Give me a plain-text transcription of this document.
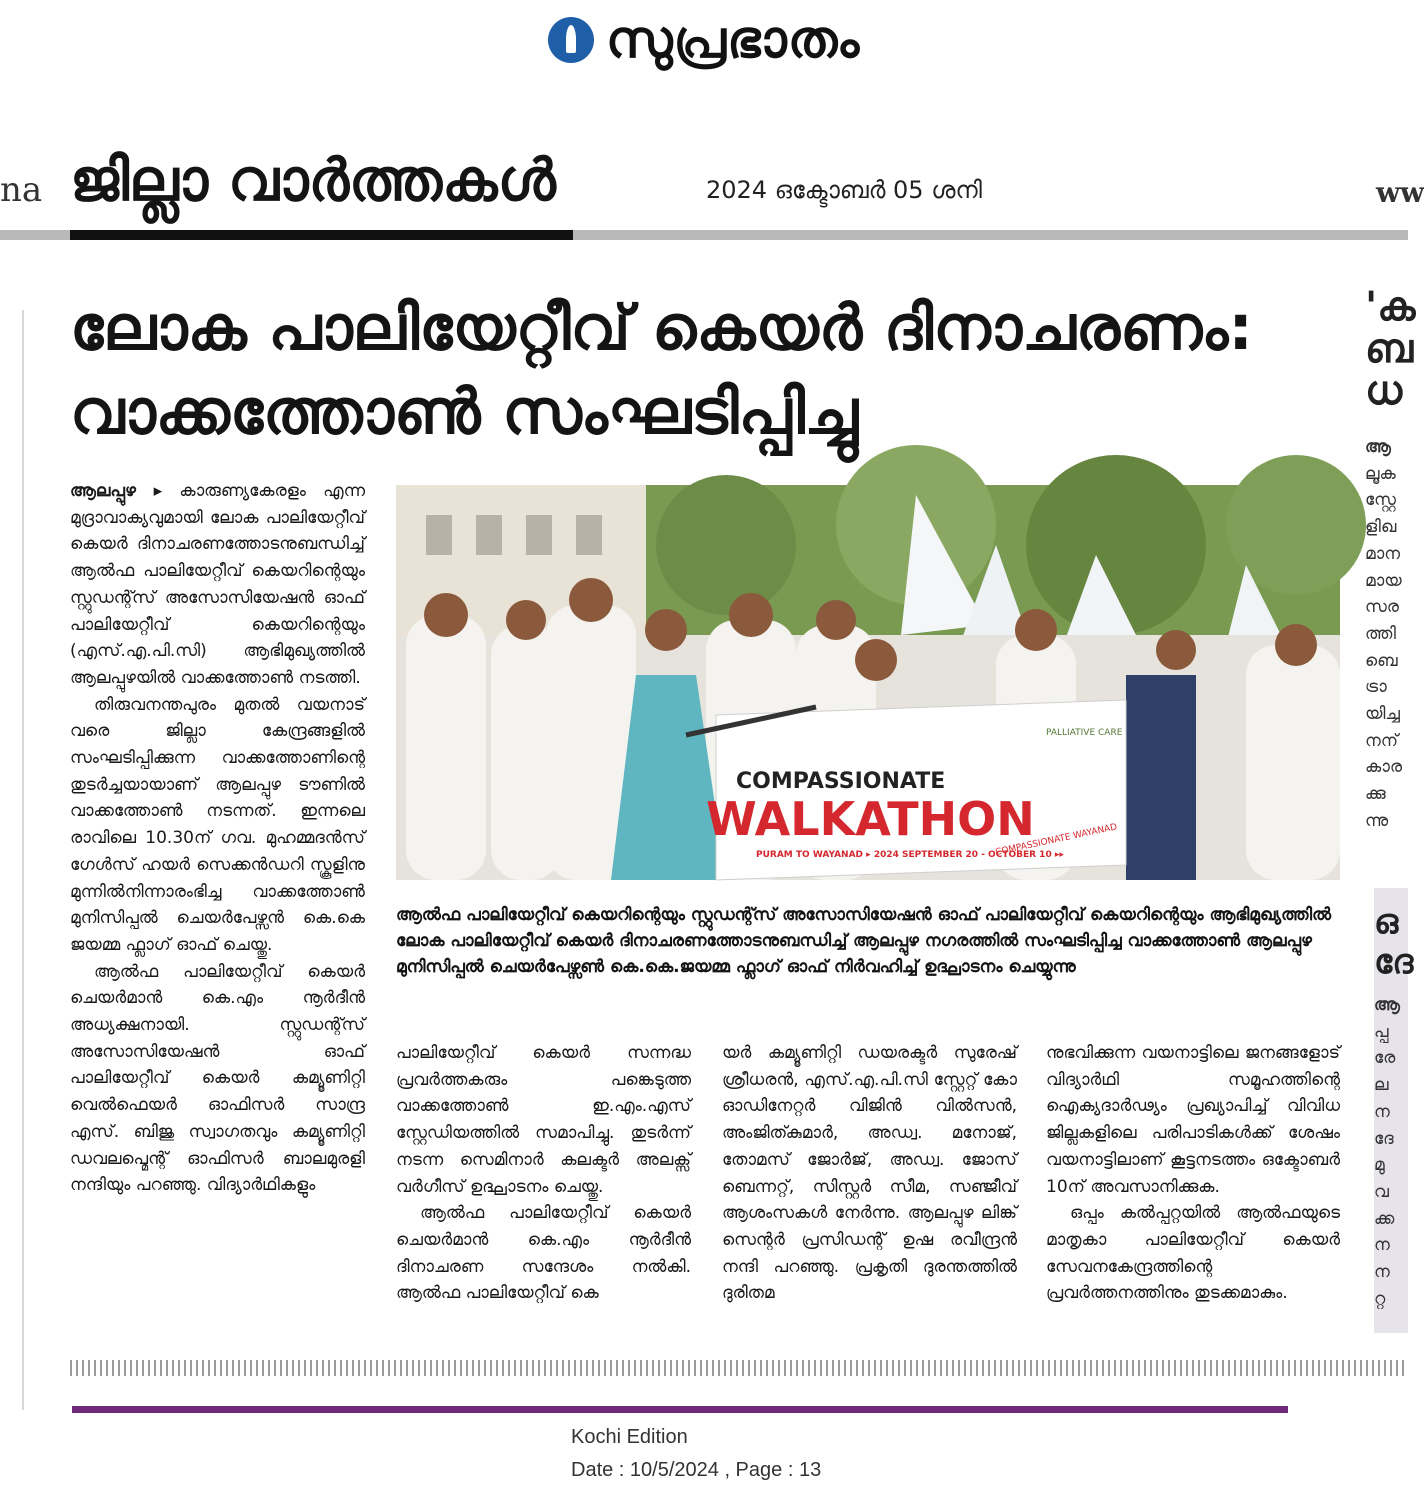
സുപ്രഭാതം
na ജില്ലാ വാർത്തകൾ	2024 ഒക്ടോബർ 05 ശനി	ww
ലോക പാലിയേറ്റീവ് കെയർ ദിനാചരണം: വാക്കത്തോൺ സംഘടിപ്പിച്ചു

ആലപ്പുഴ ▸ കാരുണ്യകേരളം എന്ന മുദ്രാവാക്യവുമായി ലോക പാലിയേറ്റീവ് കെയർ ദിനാചരണത്തോടനുബന്ധിച്ച് ആൽഫ പാലിയേറ്റീവ് കെയറിന്റെയും സ്റ്റുഡന്റ്സ് അസോസിയേഷൻ ഓഫ് പാലിയേറ്റീവ് കെയറിന്റെയും (എസ്.എ.പി.സി) ആഭിമുഖ്യത്തിൽ ആലപ്പുഴയിൽ വാക്കത്തോൺ നടത്തി.

തിരുവനന്തപുരം മുതൽ വയനാട് വരെ ജില്ലാ കേന്ദ്രങ്ങളിൽ സംഘടിപ്പിക്കുന്ന വാക്കത്തോണിന്റെ തുടർച്ചയായാണ് ആലപ്പുഴ ടൗണിൽ വാക്കത്തോൺ നടന്നത്. ഇന്നലെ രാവിലെ 10.30ന് ഗവ. മുഹമ്മദൻസ് ഗേൾസ് ഹയർ സെക്കൻഡറി സ്കൂളിനു മുന്നിൽനിന്നാരംഭിച്ച വാക്കത്തോൺ മുനിസിപ്പൽ ചെയർപേഴ്സൻ കെ.കെ ജയമ്മ ഫ്ലാഗ് ഓഫ് ചെയ്തു.

ആൽഫ പാലിയേറ്റീവ് കെയർ ചെയർമാൻ കെ.എം നൂർദീൻ അധ്യക്ഷനായി. സ്റ്റുഡന്റ്സ് അസോസിയേഷൻ ഓഫ് പാലിയേറ്റീവ് കെയർ കമ്യൂണിറ്റി വെൽഫെയർ ഓഫിസർ സാന്ദ്ര എസ്. ബിജു സ്വാഗതവും കമ്യൂണിറ്റി ഡവലപ്മെന്റ് ഓഫിസർ ബാലമുരളി നന്ദിയും പറഞ്ഞു. വിദ്യാർഥികളും

COMPASSIONATE
WALKATHON
PURAM TO WAYANAD ▸ 2024 SEPTEMBER 20 - OCTOBER 10 ▸▸
PALLIATIVE CARE
COMPASSIONATE WAYANAD
ആൽഫ പാലിയേറ്റീവ് കെയറിന്റെയും സ്റ്റുഡന്റ്സ് അസോസിയേഷൻ ഓഫ് പാലിയേറ്റീവ് കെയറിന്റെയും ആഭിമുഖ്യത്തിൽ ലോക പാലിയേറ്റീവ് കെയർ ദിനാചരണത്തോടനുബന്ധിച്ച് ആലപ്പുഴ നഗരത്തിൽ സംഘടിപ്പിച്ച വാക്കത്തോൺ ആലപ്പുഴ മുനിസിപ്പൽ ചെയർപേഴ്സൺ കെ.കെ.ജയമ്മ ഫ്ലാഗ് ഓഫ് നിർവഹിച്ച് ഉദ്ഘാടനം ചെയ്യുന്നു

പാലിയേറ്റീവ് കെയർ സന്നദ്ധ പ്രവർത്തകരും പങ്കെടുത്ത വാക്കത്തോൺ ഇ.എം.എസ് സ്റ്റേഡിയത്തിൽ സമാപിച്ചു. തുടർന്ന് നടന്ന സെമിനാർ കലക്ടർ അലക്സ് വർഗീസ് ഉദ്ഘാടനം ചെയ്തു.

ആൽഫ പാലിയേറ്റീവ് കെയർ ചെയർമാൻ കെ.എം നൂർദീൻ ദിനാചരണ സന്ദേശം നൽകി. ആൽഫ പാലിയേറ്റീവ് കെ

യർ കമ്യൂണിറ്റി ഡയരക്ടർ സുരേഷ് ശ്രീധരൻ, എസ്.എ.പി.സി സ്റ്റേറ്റ് കോ ഓഡിനേറ്റർ വിജിൻ വിൽസൻ, അംജിത്കുമാർ, അഡ്വ. മനോജ്, തോമസ് ജോർജ്, അഡ്വ. ജോസ് ബെന്നറ്റ്, സിസ്റ്റർ സീമ, സഞ്ജീവ് ആശംസകൾ നേർന്നു. ആലപ്പുഴ ലിങ്ക് സെന്റർ പ്രസിഡന്റ് ഉഷ രവീന്ദ്രൻ നന്ദി പറഞ്ഞു. പ്രകൃതി ദുരന്തത്തിൽ ദുരിതമ

നുഭവിക്കുന്ന വയനാട്ടിലെ ജനങ്ങളോട് വിദ്യാർഥി സമൂഹത്തിന്റെ ഐക്യദാർഢ്യം പ്രഖ്യാപിച്ച് വിവിധ ജില്ലകളിലെ പരിപാടികൾക്ക് ശേഷം വയനാട്ടിലാണ് കൂട്ടനടത്തം ഒക്ടോബർ 10ന് അവസാനിക്കുക.

ഒപ്പം കൽപ്പറ്റയിൽ ആൽഫയുടെ മാതൃകാ പാലിയേറ്റീവ് കെയർ സേവനകേന്ദ്രത്തിന്റെ പ്രവർത്തനത്തിനും തുടക്കമാകും.

'ക
ബ
ധ
ആ
ലൂക
സ്റ്റേ
ളിഖ
മാന
മായ
സര
ത്തി
ബെ
ട്രാ
യിച്ച
നന്
കാര
ക്കു
ന്നു
ഒ
ദേ
ആ
പ്പ
രേ
ല
ന
ദേ
മു
വ
ക്ക
ന
ന
റ്റ
Kochi Edition
Date : 10/5/2024 , Page : 13
